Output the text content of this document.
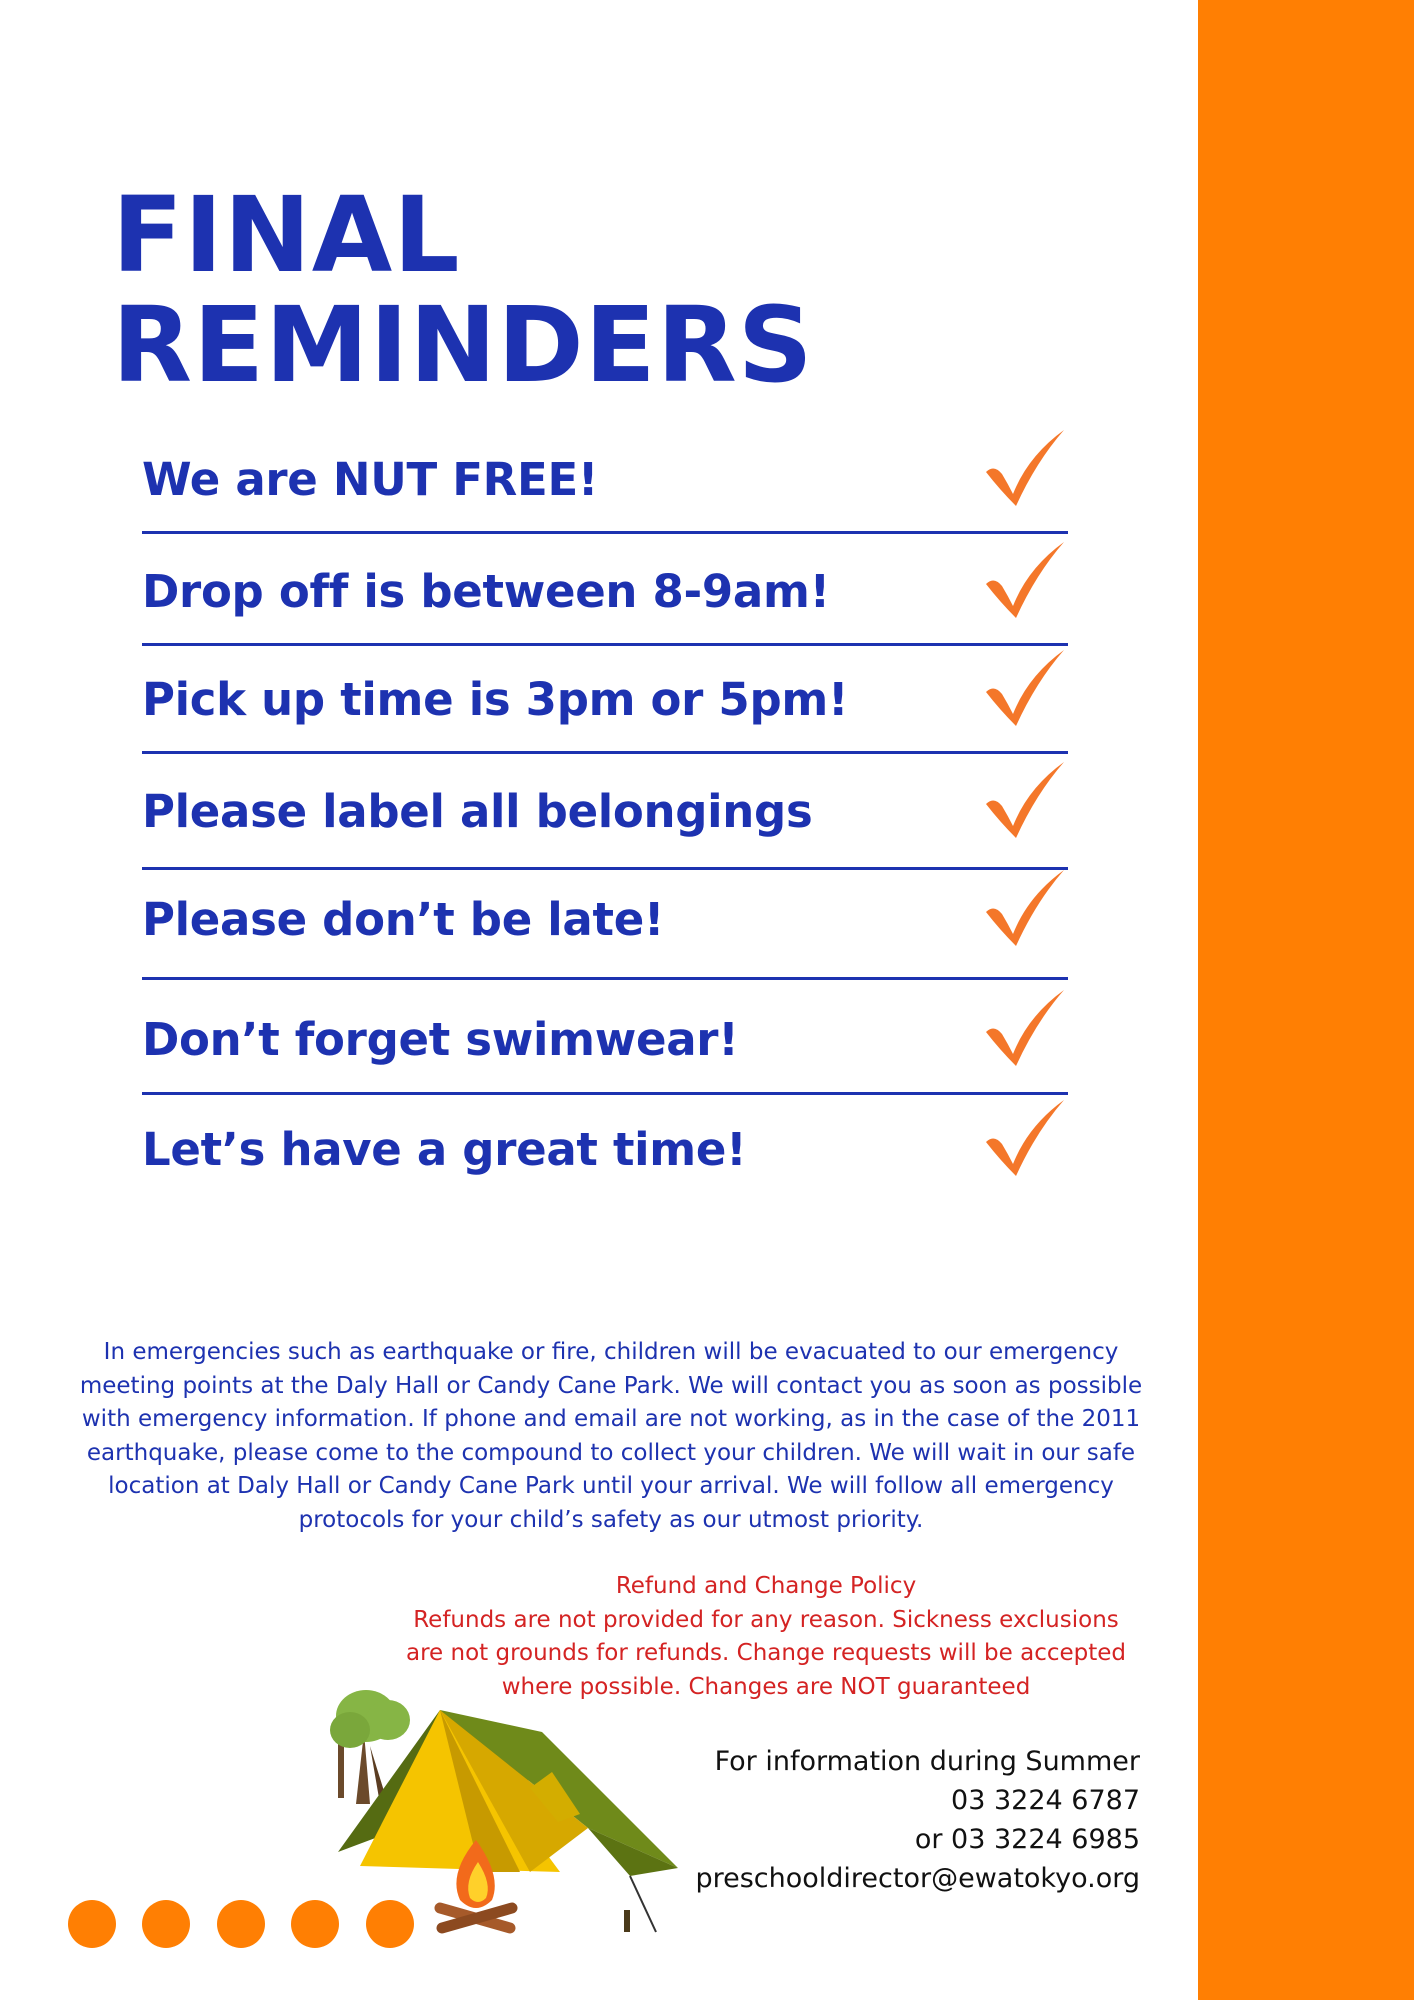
FINAL
REMINDERS
We are NUT FREE!
Drop off is between 8-9am!
Pick up time is 3pm or 5pm!
Please label all belongings
Please don’t be late!
Don’t forget swimwear!
Let’s have a great time!

In emergencies such as earthquake or fire, children will be evacuated to our emergency meeting points at the Daly Hall or Candy Cane Park. We will contact you as soon as possible with emergency information. If phone and email are not working, as in the case of the 2011 earthquake, please come to the compound to collect your children. We will wait in our safe location at Daly Hall or Candy Cane Park until your arrival. We will follow all emergency protocols for your child’s safety as our utmost priority.

Refund and Change Policy
Refunds are not provided for any reason. Sickness exclusions
are not grounds for refunds. Change requests will be accepted
where possible. Changes are NOT guaranteed
For information during Summer
03 3224 6787
or 03 3224 6985
preschooldirector@ewatokyo.org
